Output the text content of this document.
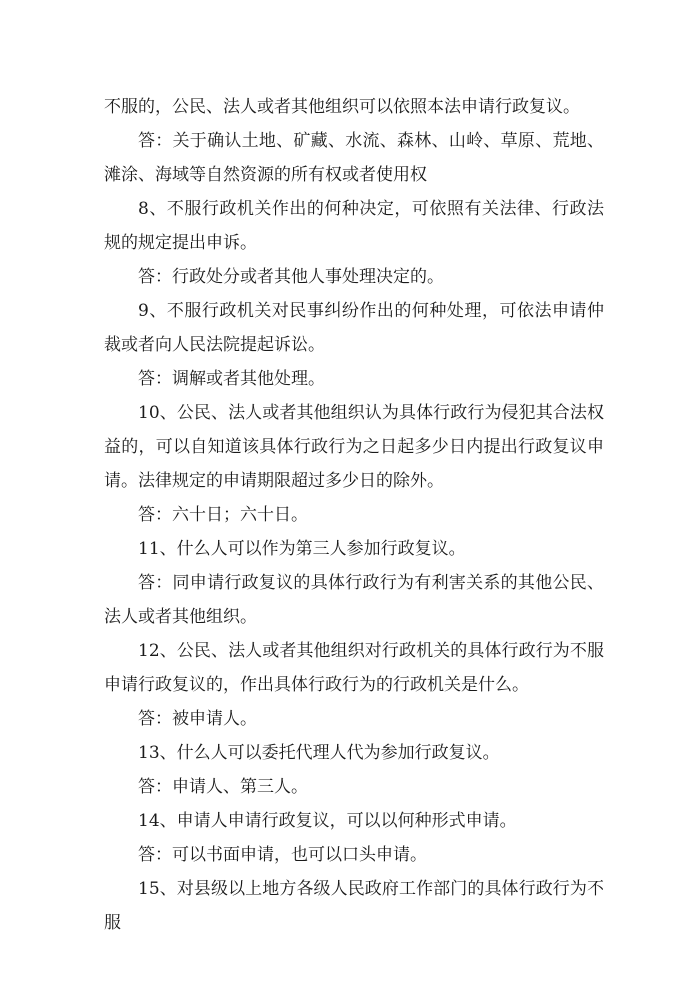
不服的，公民、法人或者其他组织可以依照本法申请行政复议。

答：关于确认土地、矿藏、水流、森林、山岭、草原、荒地、滩涂、海域等自然资源的所有权或者使用权

8、不服行政机关作出的何种决定，可依照有关法律、行政法规的规定提出申诉。

答：行政处分或者其他人事处理决定的。

9、不服行政机关对民事纠纷作出的何种处理，可依法申请仲裁或者向人民法院提起诉讼。

答：调解或者其他处理。

10、公民、法人或者其他组织认为具体行政行为侵犯其合法权益的，可以自知道该具体行政行为之日起多少日内提出行政复议申请。法律规定的申请期限超过多少日的除外。

答：六十日；六十日。

11、什么人可以作为第三人参加行政复议。

答：同申请行政复议的具体行政行为有利害关系的其他公民、法人或者其他组织。

12、公民、法人或者其他组织对行政机关的具体行政行为不服申请行政复议的，作出具体行政行为的行政机关是什么。

答：被申请人。

13、什么人可以委托代理人代为参加行政复议。

答：申请人、第三人。

14、申请人申请行政复议，可以以何种形式申请。

答：可以书面申请，也可以口头申请。

15、对县级以上地方各级人民政府工作部门的具体行政行为不服
